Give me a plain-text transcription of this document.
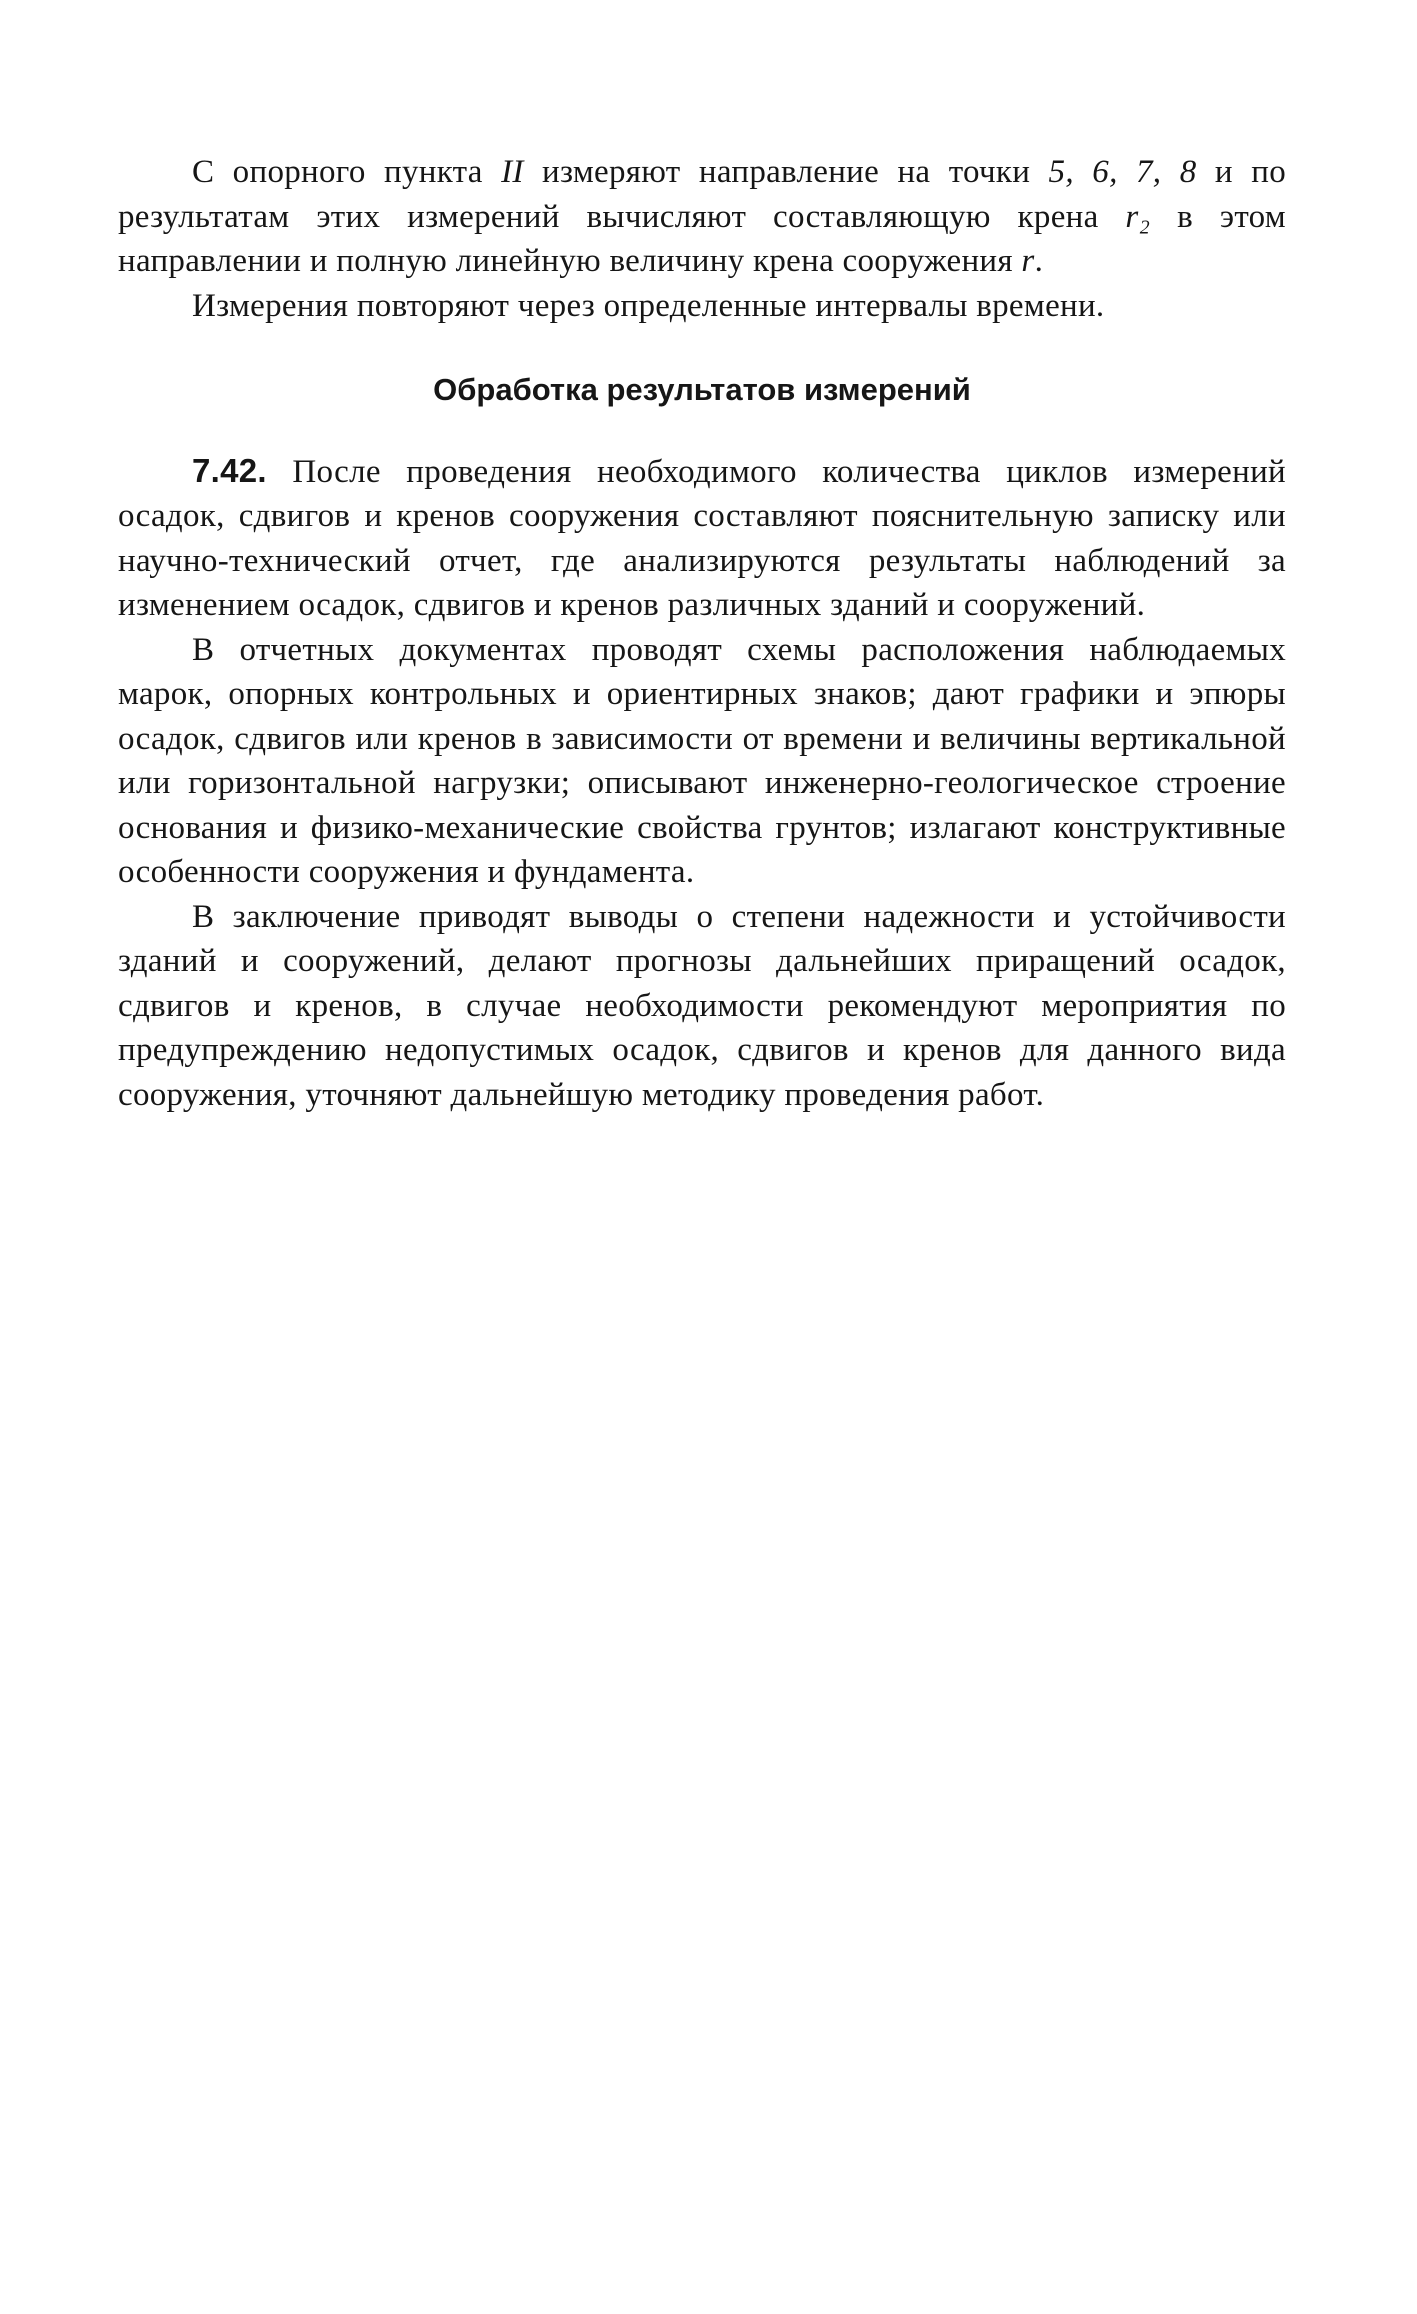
С опорного пункта II измеряют направление на точки 5, 6, 7, 8 и по результатам этих измерений вычисляют составляющую крена r₂ в этом направлении и полную линейную величину крена сооружения r.

Измерения повторяют через определенные интервалы времени.

Обработка результатов измерений

7.42. После проведения необходимого количества циклов измерений осадок, сдвигов и кренов сооружения составляют пояснительную записку или научно-технический отчет, где анализируются результаты наблюдений за изменением осадок, сдвигов и кренов различных зданий и сооружений.

В отчетных документах проводят схемы расположения наблюдаемых марок, опорных контрольных и ориентирных знаков; дают графики и эпюры осадок, сдвигов или кренов в зависимости от времени и величины вертикальной или горизонтальной нагрузки; описывают инженерно-геологическое строение основания и физико-механические свойства грунтов; излагают конструктивные особенности сооружения и фундамента.

В заключение приводят выводы о степени надежности и устойчивости зданий и сооружений, делают прогнозы дальнейших приращений осадок, сдвигов и кренов, в случае необходимости рекомендуют мероприятия по предупреждению недопустимых осадок, сдвигов и кренов для данного вида сооружения, уточняют дальнейшую методику проведения работ.
